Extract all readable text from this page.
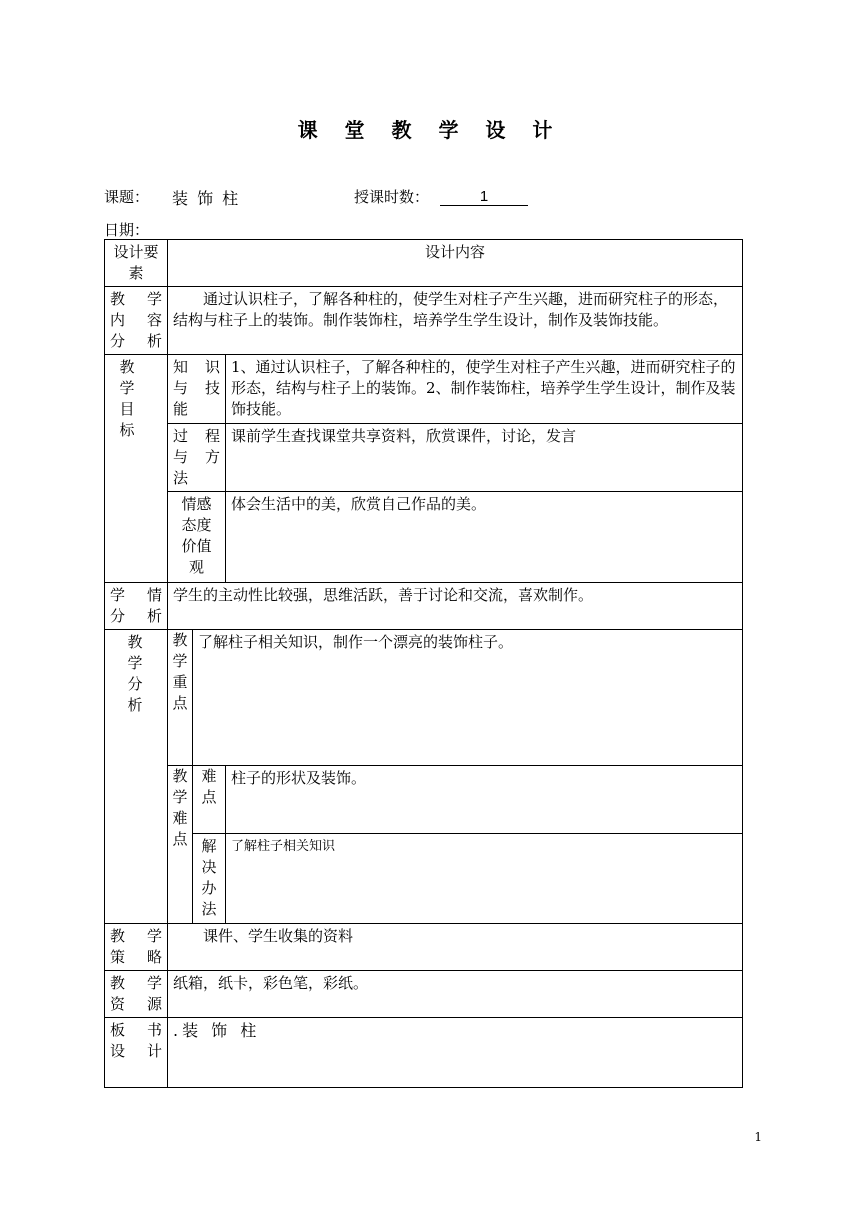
课 堂 教 学 设 计
课题： 装 饰 柱	授课时数：	1
日期：
设计要素	设计内容		
教 学 内 容 分析	通过认识柱子，了解各种柱的，使学生对柱子产生兴趣，进而研究柱子的形态，结构与柱子上的装饰。制作装饰柱，培养学生学生设计，制作及装饰技能。		
教学目标	知 识 与 技 能		1、通过认识柱子，了解各种柱的，使学生对柱子产生兴趣，进而研究柱子的形态，结构与柱子上的装饰。2、制作装饰柱，培养学生学生设计，制作及装饰技能。
	过 程 与 方 法		课前学生查找课堂共享资料，欣赏课件，讨论，发言
	情感态度价值观		体会生活中的美，欣赏自己作品的美。
学 情 分析	学生的主动性比较强，思维活跃，善于讨论和交流，喜欢制作。		
教学分析	教学重点	了解柱子相关知识，制作一个漂亮的装饰柱子。	
	教学难点	难点	柱子的形状及装饰。
		解决办法	了解柱子相关知识
教 学 策略	课件、学生收集的资料		
教 学 资源	纸箱，纸卡，彩色笔，彩纸。		
板 书 设计	.装 饰 柱		
1
